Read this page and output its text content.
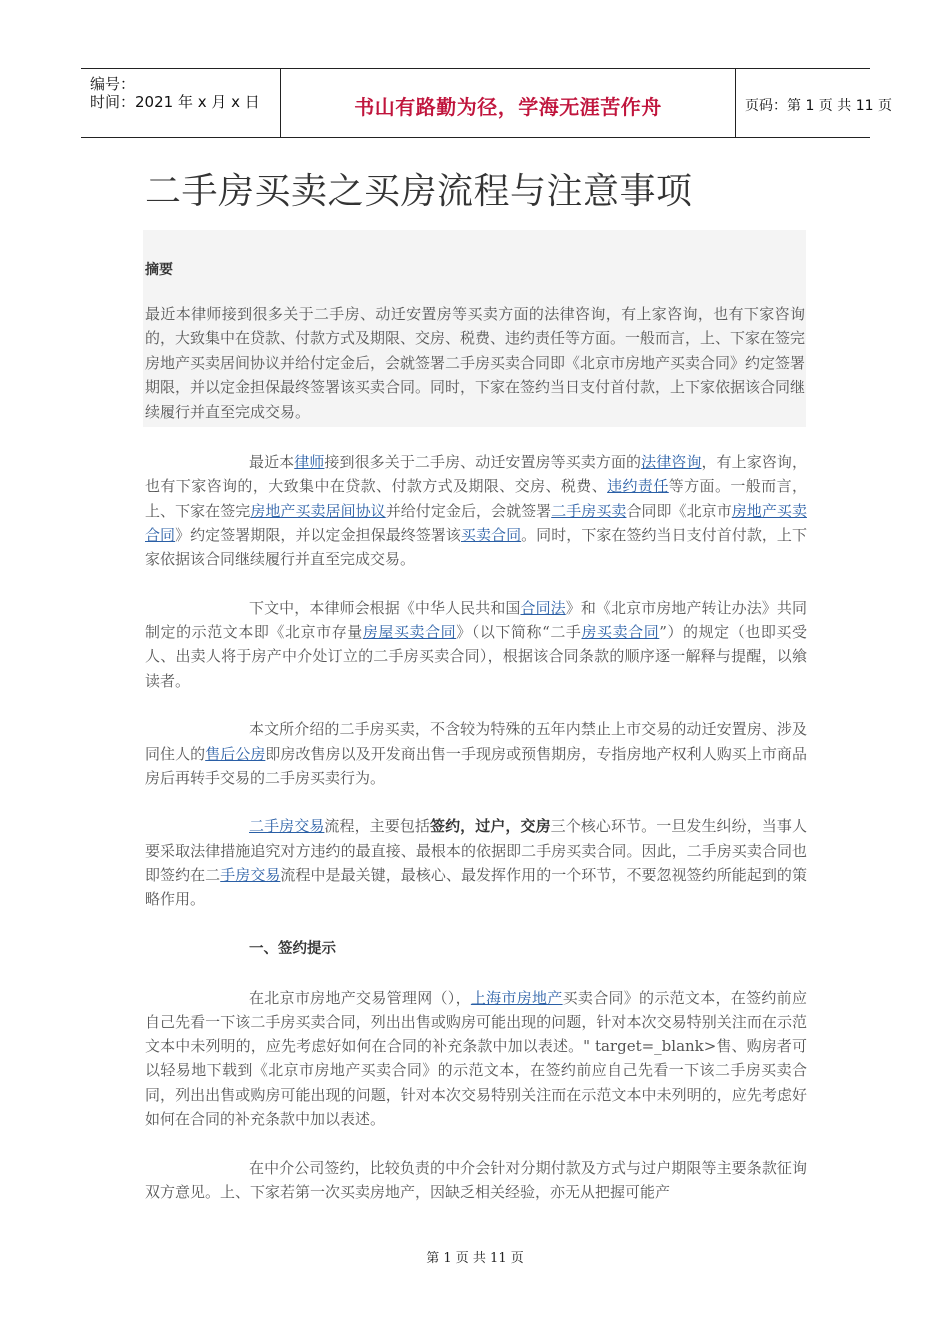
编号：
时间：2021 年 x 月 x 日	书山有路勤为径，学海无涯苦作舟	页码：第 1 页 共 11 页
二手房买卖之买房流程与注意事项
摘要
最近本律师接到很多关于二手房、动迁安置房等买卖方面的法律咨询，有上家咨询，也有下家咨询的，大致集中在贷款、付款方式及期限、交房、税费、违约责任等方面。一般而言，上、下家在签完房地产买卖居间协议并给付定金后，会就签署二手房买卖合同即《北京市房地产买卖合同》约定签署期限，并以定金担保最终签署该买卖合同。同时，下家在签约当日支付首付款，上下家依据该合同继续履行并直至完成交易。

最近本律师接到很多关于二手房、动迁安置房等买卖方面的法律咨询，有上家咨询，也有下家咨询的，大致集中在贷款、付款方式及期限、交房、税费、违约责任等方面。一般而言，上、下家在签完房地产买卖居间协议并给付定金后，会就签署二手房买卖合同即《北京市房地产买卖合同》约定签署期限，并以定金担保最终签署该买卖合同。同时，下家在签约当日支付首付款，上下家依据该合同继续履行并直至完成交易。

下文中，本律师会根据《中华人民共和国合同法》和《北京市房地产转让办法》共同制定的示范文本即《北京市存量房屋买卖合同》（以下简称“二手房买卖合同”）的规定（也即买受人、出卖人将于房产中介处订立的二手房买卖合同），根据该合同条款的顺序逐一解释与提醒，以飨读者。

本文所介绍的二手房买卖，不含较为特殊的五年内禁止上市交易的动迁安置房、涉及同住人的售后公房即房改售房以及开发商出售一手现房或预售期房，专指房地产权利人购买上市商品房后再转手交易的二手房买卖行为。

二手房交易流程，主要包括签约，过户，交房三个核心环节。一旦发生纠纷，当事人要采取法律措施追究对方违约的最直接、最根本的依据即二手房买卖合同。因此，二手房买卖合同也即签约在二手房交易流程中是最关键，最核心、最发挥作用的一个环节，不要忽视签约所能起到的策略作用。

一、签约提示

在北京市房地产交易管理网（），上海市房地产买卖合同》的示范文本，在签约前应自己先看一下该二手房买卖合同，列出出售或购房可能出现的问题，针对本次交易特别关注而在示范文本中未列明的，应先考虑好如何在合同的补充条款中加以表述。" target=_blank>售、购房者可以轻易地下载到《北京市房地产买卖合同》的示范文本，在签约前应自己先看一下该二手房买卖合同，列出出售或购房可能出现的问题，针对本次交易特别关注而在示范文本中未列明的，应先考虑好如何在合同的补充条款中加以表述。

在中介公司签约，比较负责的中介会针对分期付款及方式与过户期限等主要条款征询双方意见。上、下家若第一次买卖房地产，因缺乏相关经验，亦无从把握可能产

第 1 页 共 11 页
